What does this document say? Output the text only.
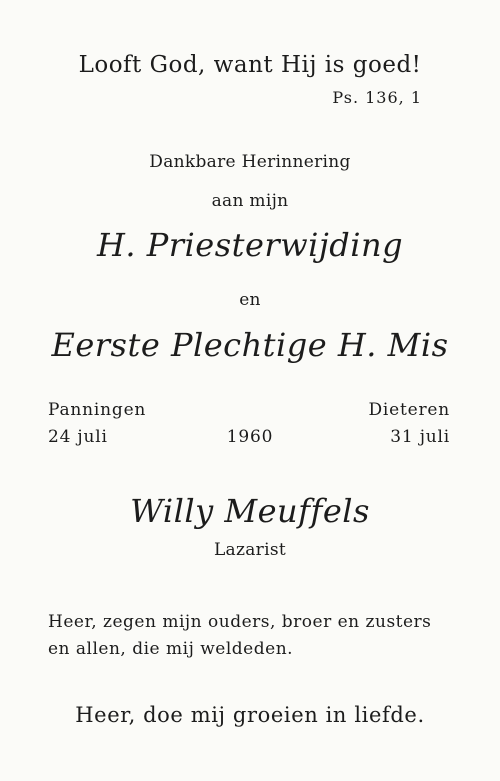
Looft God, want Hij is goed!
Ps. 136, 1
Dankbare Herinnering
aan mijn
H. Priesterwijding
en
Eerste Plechtige H. Mis
Panningen
24 juli	1960
Dieteren
31 juli
Willy Meuffels
Lazarist
Heer, zegen mijn ouders, broer en zusters
en allen, die mij weldeden.
Heer, doe mij groeien in liefde.
